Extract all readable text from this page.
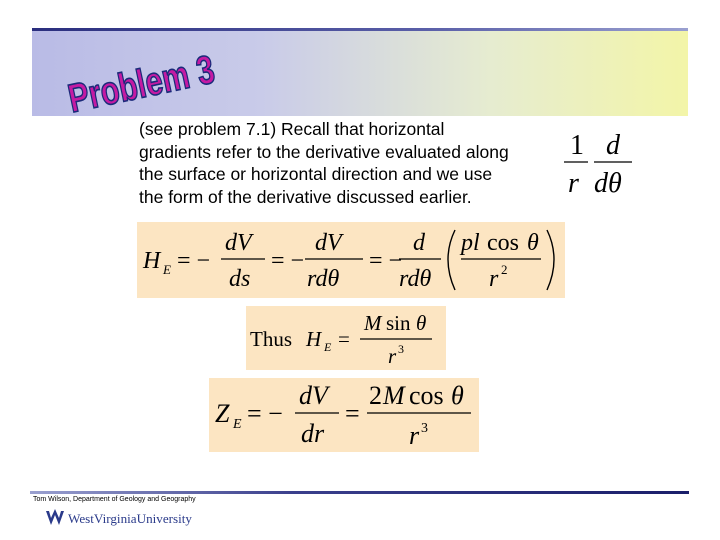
Problem 3
(see problem 7.1) Recall that horizontal
gradients refer to the derivative evaluated along
the surface or horizontal direction and we use
the form of the derivative discussed earlier.
1
r
d
dθ
H E = −
dV
ds
= −
dV
rdθ
= −
d
rdθ
pl cos θ
r 2
Thus H E =
M sin θ
r 3
Z E = −
dV
dr
=
2 M cos θ
r 3
Tom Wilson, Department of Geology and Geography
WestVirginiaUniversity
